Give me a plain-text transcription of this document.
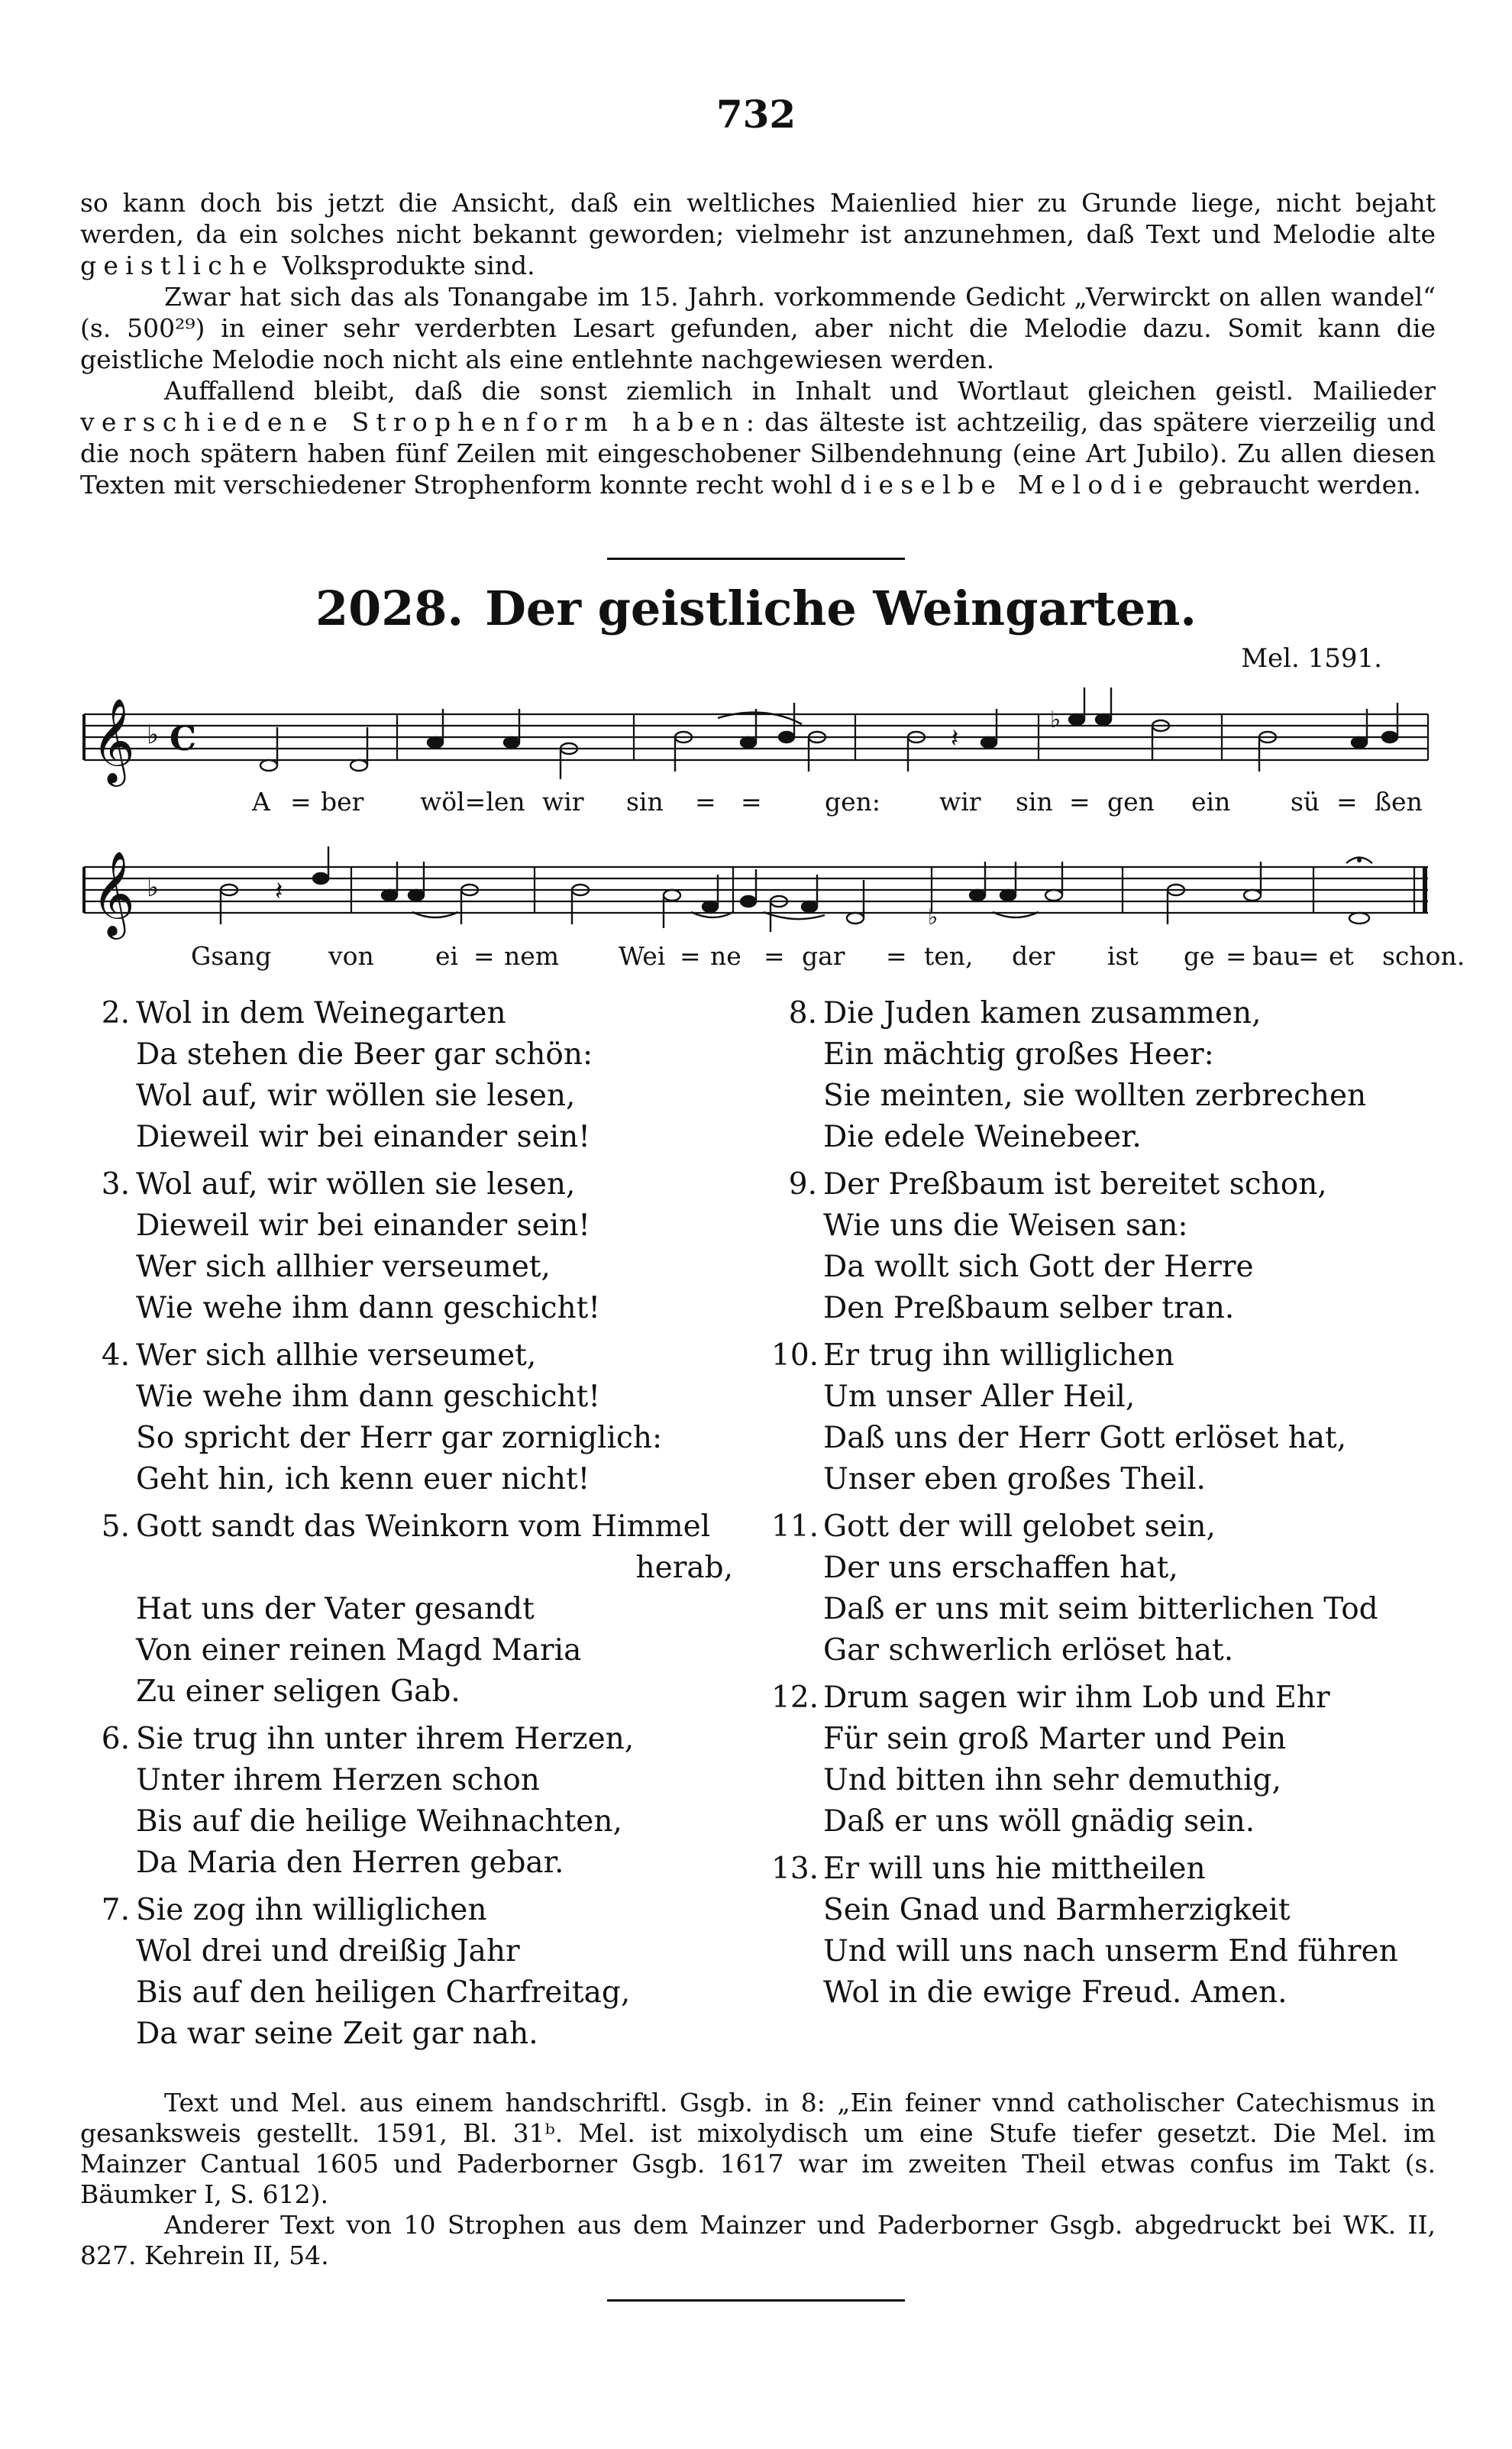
732

so kann doch bis jetzt die Ansicht, daß ein weltliches Maienlied hier zu Grunde liege, nicht bejaht werden, da ein solches nicht bekannt geworden; vielmehr ist anzunehmen, daß Text und Melodie alte geistliche Volksprodukte sind.

Zwar hat sich das als Tonangabe im 15. Jahrh. vorkommende Gedicht „Verwirckt on allen wandel“ (s. 500²⁹) in einer sehr verderbten Lesart gefunden, aber nicht die Melodie dazu. Somit kann die geistliche Melodie noch nicht als eine entlehnte nachgewiesen werden.

Auffallend bleibt, daß die sonst ziemlich in Inhalt und Wortlaut gleichen geistl. Mailieder verschiedene Strophenform haben: das älteste ist achtzeilig, das spätere vierzeilig und die noch spätern haben fünf Zeilen mit eingeschobener Silbendehnung (eine Art Jubilo). Zu allen diesen Texten mit verschiedener Strophenform konnte recht wohl dieselbe Melodie gebraucht werden.

2028. Der geistliche Weingarten.
Mel. 1591.
𝄞 ♭ C	♭
𝄽
A = ber wöl=len wir sin = = gen: wir sin = gen ein sü = ßen
𝄞 ♭
♭
𝄽
Gsang von ei = nem Wei = ne = gar = ten, der ist ge = bau
= et schon.
2. Wol in dem Weinegarten
Da stehen die Beer gar schön:
Wol auf, wir wöllen sie lesen,
Dieweil wir bei einander sein!
3. Wol auf, wir wöllen sie lesen,
Dieweil wir bei einander sein!
Wer sich allhier verseumet,
Wie wehe ihm dann geschicht!
4. Wer sich allhie verseumet,
Wie wehe ihm dann geschicht!
So spricht der Herr gar zorniglich:
Geht hin, ich kenn euer nicht!
5. Gott sandt das Weinkorn vom Himmel
herab,
Hat uns der Vater gesandt
Von einer reinen Magd Maria
Zu einer seligen Gab.
6. Sie trug ihn unter ihrem Herzen,
Unter ihrem Herzen schon
Bis auf die heilige Weihnachten,
Da Maria den Herren gebar.
7. Sie zog ihn williglichen
Wol drei und dreißig Jahr
Bis auf den heiligen Charfreitag,
Da war seine Zeit gar nah.
8. Die Juden kamen zusammen,
Ein mächtig großes Heer:
Sie meinten, sie wollten zerbrechen
Die edele Weinebeer.
9. Der Preßbaum ist bereitet schon,
Wie uns die Weisen san:
Da wollt sich Gott der Herre
Den Preßbaum selber tran.
10. Er trug ihn williglichen
Um unser Aller Heil,
Daß uns der Herr Gott erlöset hat,
Unser eben großes Theil.
11. Gott der will gelobet sein,
Der uns erschaffen hat,
Daß er uns mit seim bitterlichen Tod
Gar schwerlich erlöset hat.
12. Drum sagen wir ihm Lob und Ehr
Für sein groß Marter und Pein
Und bitten ihn sehr demuthig,
Daß er uns wöll gnädig sein.
13. Er will uns hie mittheilen
Sein Gnad und Barmherzigkeit
Und will uns nach unserm End führen
Wol in die ewige Freud. Amen.

Text und Mel. aus einem handschriftl. Gsgb. in 8: „Ein feiner vnnd catholischer Catechismus in gesanksweis gestellt. 1591, Bl. 31ᵇ. Mel. ist mixolydisch um eine Stufe tiefer gesetzt. Die Mel. im Mainzer Cantual 1605 und Paderborner Gsgb. 1617 war im zweiten Theil etwas confus im Takt (s. Bäumker I, S. 612).

Anderer Text von 10 Strophen aus dem Mainzer und Paderborner Gsgb. abgedruckt bei WK. II, 827. Kehrein II, 54.
